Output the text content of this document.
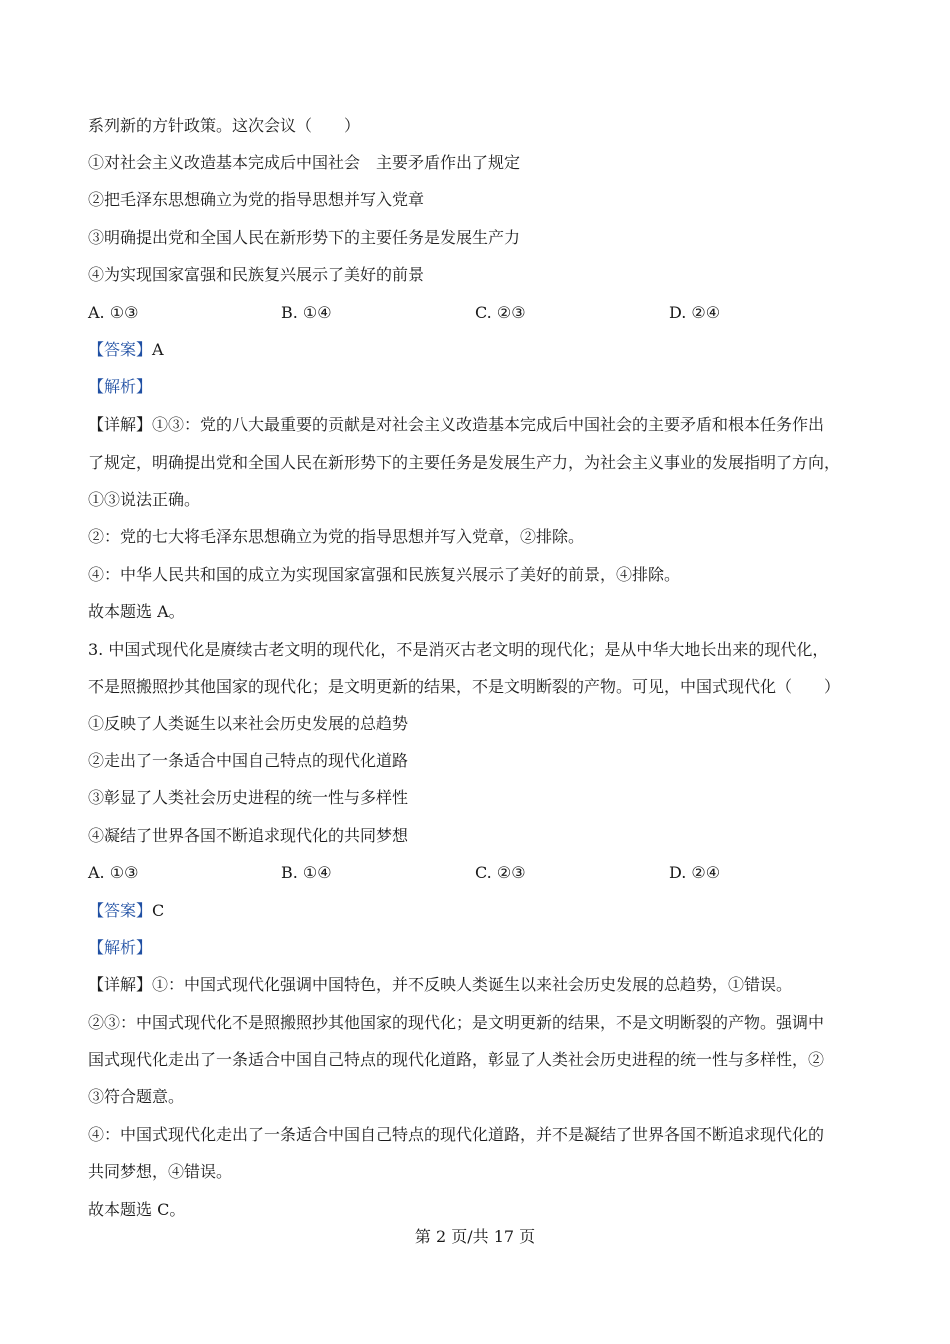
系列新的方针政策。这次会议（　　）
①对社会主义改造基本完成后中国社会　主要矛盾作出了规定
②把毛泽东思想确立为党的指导思想并写入党章
③明确提出党和全国人民在新形势下的主要任务是发展生产力
④为实现国家富强和民族复兴展示了美好的前景
A. ①③	B. ①④	C. ②③	D. ②④
【答案】A
【解析】
【详解】①③：党的八大最重要的贡献是对社会主义改造基本完成后中国社会的主要矛盾和根本任务作出
了规定，明确提出党和全国人民在新形势下的主要任务是发展生产力，为社会主义事业的发展指明了方向，
①③说法正确。
②：党的七大将毛泽东思想确立为党的指导思想并写入党章，②排除。
④：中华人民共和国的成立为实现国家富强和民族复兴展示了美好的前景，④排除。
故本题选 A。
3. 中国式现代化是赓续古老文明的现代化，不是消灭古老文明的现代化；是从中华大地长出来的现代化，
不是照搬照抄其他国家的现代化；是文明更新的结果，不是文明断裂的产物。可见，中国式现代化（　　）
①反映了人类诞生以来社会历史发展的总趋势
②走出了一条适合中国自己特点的现代化道路
③彰显了人类社会历史进程的统一性与多样性
④凝结了世界各国不断追求现代化的共同梦想
A. ①③	B. ①④	C. ②③	D. ②④
【答案】C
【解析】
【详解】①：中国式现代化强调中国特色，并不反映人类诞生以来社会历史发展的总趋势，①错误。
②③：中国式现代化不是照搬照抄其他国家的现代化；是文明更新的结果，不是文明断裂的产物。强调中
国式现代化走出了一条适合中国自己特点的现代化道路，彰显了人类社会历史进程的统一性与多样性，②
③符合题意。
④：中国式现代化走出了一条适合中国自己特点的现代化道路，并不是凝结了世界各国不断追求现代化的
共同梦想，④错误。
故本题选 C。
第 2 页/共 17 页
